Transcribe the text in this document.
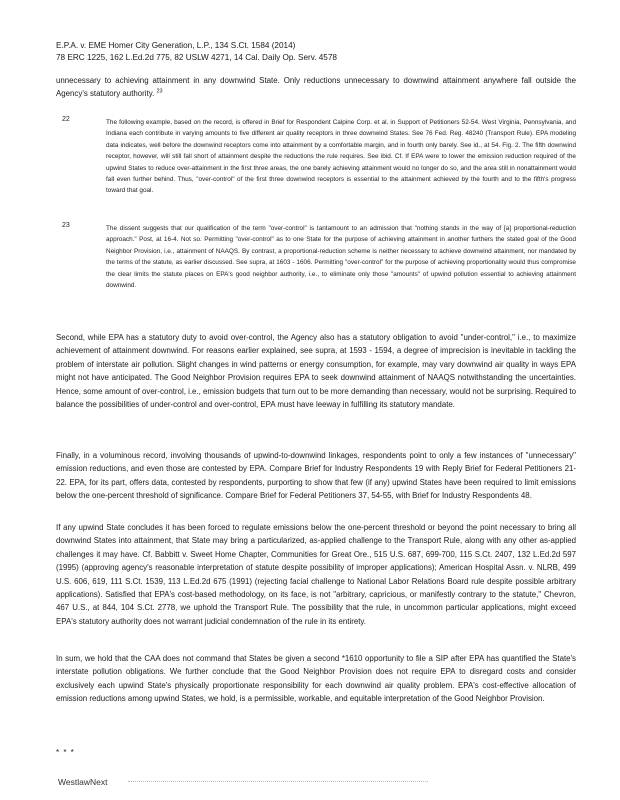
E.P.A. v. EME Homer City Generation, L.P., 134 S.Ct. 1584 (2014)
78 ERC 1225, 162 L.Ed.2d 775, 82 USLW 4271, 14 Cal. Daily Op. Serv. 4578
unnecessary to achieving attainment in any downwind State. Only reductions unnecessary to downwind attainment anywhere fall outside the Agency's statutory authority. $^{23}$
22	The following example, based on the record, is offered in Brief for Respondent Calpine Corp. et al. in Support of Petitioners 52-54. West Virginia, Pennsylvania, and Indiana each contribute in varying amounts to five different air quality receptors in three downwind States. See 76 Fed. Reg. 48240 (Transport Rule). EPA modeling data indicates, well before the downwind receptors come into attainment by a comfortable margin, and in fourth only barely. See id., at 54. Fig. 2. The fifth downwind receptor, however, will still fall short of attainment despite the reductions the rule requires. See ibid. Cf. If EPA were to lower the emission reduction required of the upwind States to reduce over-attainment in the first three areas, the one barely achieving attainment would no longer do so, and the area still in nonattainment would fall even further behind. Thus, "over-control" of the first three downwind receptors is essential to the attainment achieved by the fourth and to the fifth's progress toward that goal.
23	The dissent suggests that our qualification of the term "over-control" is tantamount to an admission that "nothing stands in the way of [a] proportional-reduction approach." Post, at 16-4. Not so. Permitting "over-control" as to one State for the purpose of achieving attainment in another furthers the stated goal of the Good Neighbor Provision, i.e., attainment of NAAQS. By contrast, a proportional-reduction scheme is neither necessary to achieve downwind attainment, nor mandated by the terms of the statute, as earlier discussed. See supra, at 1603 - 1606. Permitting "over-control" for the purpose of achieving proportionality would thus compromise the clear limits the statute places on EPA's good neighbor authority, i.e., to eliminate only those "amounts" of upwind pollution essential to achieving attainment downwind.
Second, while EPA has a statutory duty to avoid over-control, the Agency also has a statutory obligation to avoid "under-control," i.e., to maximize achievement of attainment downwind. For reasons earlier explained, see supra, at 1593 - 1594, a degree of imprecision is inevitable in tackling the problem of interstate air pollution. Slight changes in wind patterns or energy consumption, for example, may vary downwind air quality in ways EPA might not have anticipated. The Good Neighbor Provision requires EPA to seek downwind attainment of NAAQS notwithstanding the uncertainties. Hence, some amount of over-control, i.e., emission budgets that turn out to be more demanding than necessary, would not be surprising. Required to balance the possibilities of under-control and over-control, EPA must have leeway in fulfilling its statutory mandate.
Finally, in a voluminous record, involving thousands of upwind-to-downwind linkages, respondents point to only a few instances of "unnecessary" emission reductions, and even those are contested by EPA. Compare Brief for Industry Respondents 19 with Reply Brief for Federal Petitioners 21-22. EPA, for its part, offers data, contested by respondents, purporting to show that few (if any) upwind States have been required to limit emissions below the one-percent threshold of significance. Compare Brief for Federal Petitioners 37, 54-55, with Brief for Industry Respondents 48.
If any upwind State concludes it has been forced to regulate emissions below the one-percent threshold or beyond the point necessary to bring all downwind States into attainment, that State may bring a particularized, as-applied challenge to the Transport Rule, along with any other as-applied challenges it may have. Cf. Babbitt v. Sweet Home Chapter, Communities for Great Ore., 515 U.S. 687, 699-700, 115 S.Ct. 2407, 132 L.Ed.2d 597 (1995) (approving agency's reasonable interpretation of statute despite possibility of improper applications); American Hospital Assn. v. NLRB, 499 U.S. 606, 619, 111 S.Ct. 1539, 113 L.Ed.2d 675 (1991) (rejecting facial challenge to National Labor Relations Board rule despite possible arbitrary applications). Satisfied that EPA's cost-based methodology, on its face, is not "arbitrary, capricious, or manifestly contrary to the statute," Chevron, 467 U.S., at 844, 104 S.Ct. 2778, we uphold the Transport Rule. The possibility that the rule, in uncommon particular applications, might exceed EPA's statutory authority does not warrant judicial condemnation of the rule in its entirety.
In sum, we hold that the CAA does not command that States be given a second *1610 opportunity to file a SIP after EPA has quantified the State's interstate pollution obligations. We further conclude that the Good Neighbor Provision does not require EPA to disregard costs and consider exclusively each upwind State's physically proportionate responsibility for each downwind air quality problem. EPA's cost-effective allocation of emission reductions among upwind States, we hold, is a permissible, workable, and equitable interpretation of the Good Neighbor Provision.
* * *
WestlawNext
